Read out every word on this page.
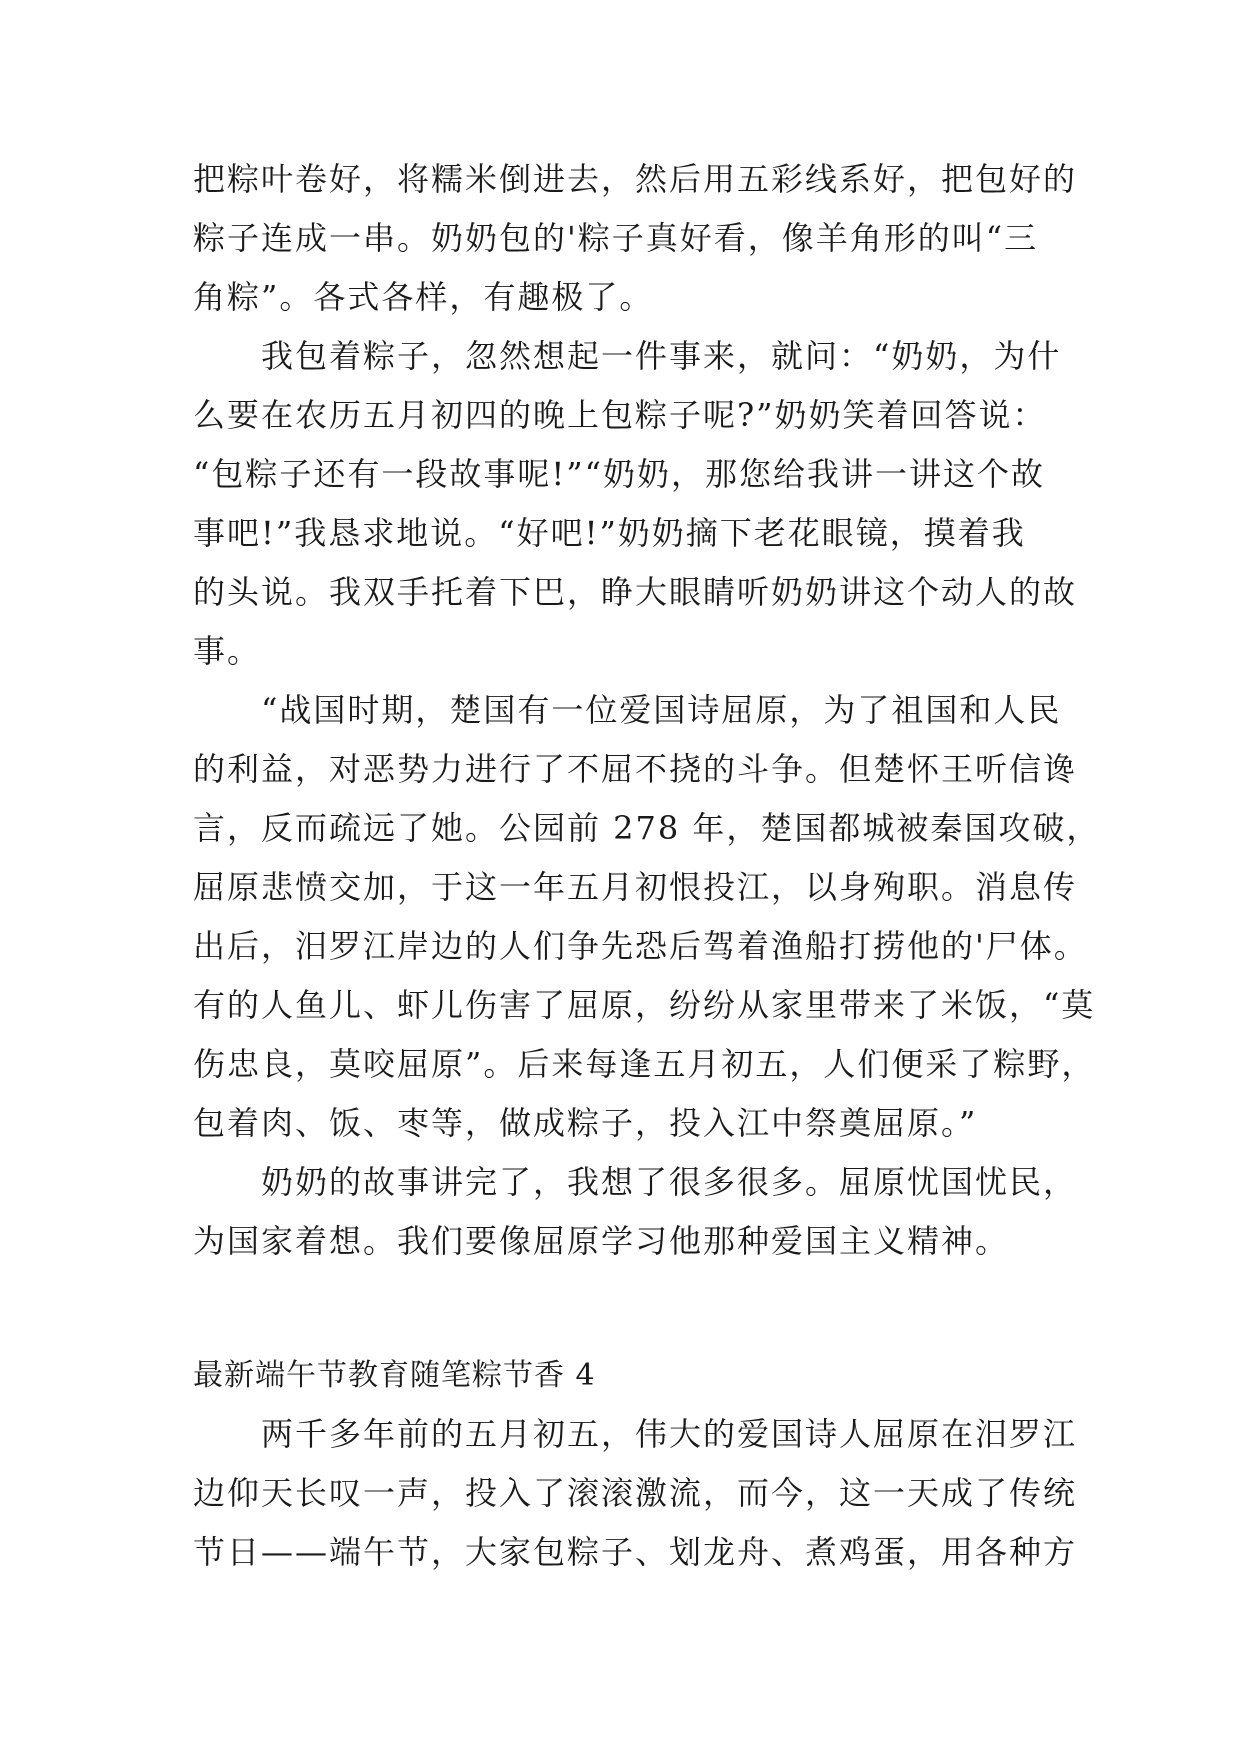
把粽叶卷好，将糯米倒进去，然后用五彩线系好，把包好的
粽子连成一串。奶奶包的'粽子真好看，像羊角形的叫“三
角粽”。各式各样，有趣极了。

我包着粽子，忽然想起一件事来，就问：“奶奶，为什
么要在农历五月初四的晚上包粽子呢?”奶奶笑着回答说：
“包粽子还有一段故事呢!”“奶奶，那您给我讲一讲这个故
事吧!”我恳求地说。“好吧!”奶奶摘下老花眼镜，摸着我
的头说。我双手托着下巴，睁大眼睛听奶奶讲这个动人的故
事。

“战国时期，楚国有一位爱国诗屈原，为了祖国和人民
的利益，对恶势力进行了不屈不挠的斗争。但楚怀王听信谗
言，反而疏远了她。公园前 278 年，楚国都城被秦国攻破，
屈原悲愤交加，于这一年五月初恨投江，以身殉职。消息传
出后，汨罗江岸边的人们争先恐后驾着渔船打捞他的'尸体。
有的人鱼儿、虾儿伤害了屈原，纷纷从家里带来了米饭，“莫
伤忠良，莫咬屈原”。后来每逢五月初五，人们便采了粽野，
包着肉、饭、枣等，做成粽子，投入江中祭奠屈原。”

奶奶的故事讲完了，我想了很多很多。屈原忧国忧民，
为国家着想。我们要像屈原学习他那种爱国主义精神。

最新端午节教育随笔粽节香 4

两千多年前的五月初五，伟大的爱国诗人屈原在汨罗江
边仰天长叹一声，投入了滚滚激流，而今，这一天成了传统
节日——端午节，大家包粽子、划龙舟、煮鸡蛋，用各种方
